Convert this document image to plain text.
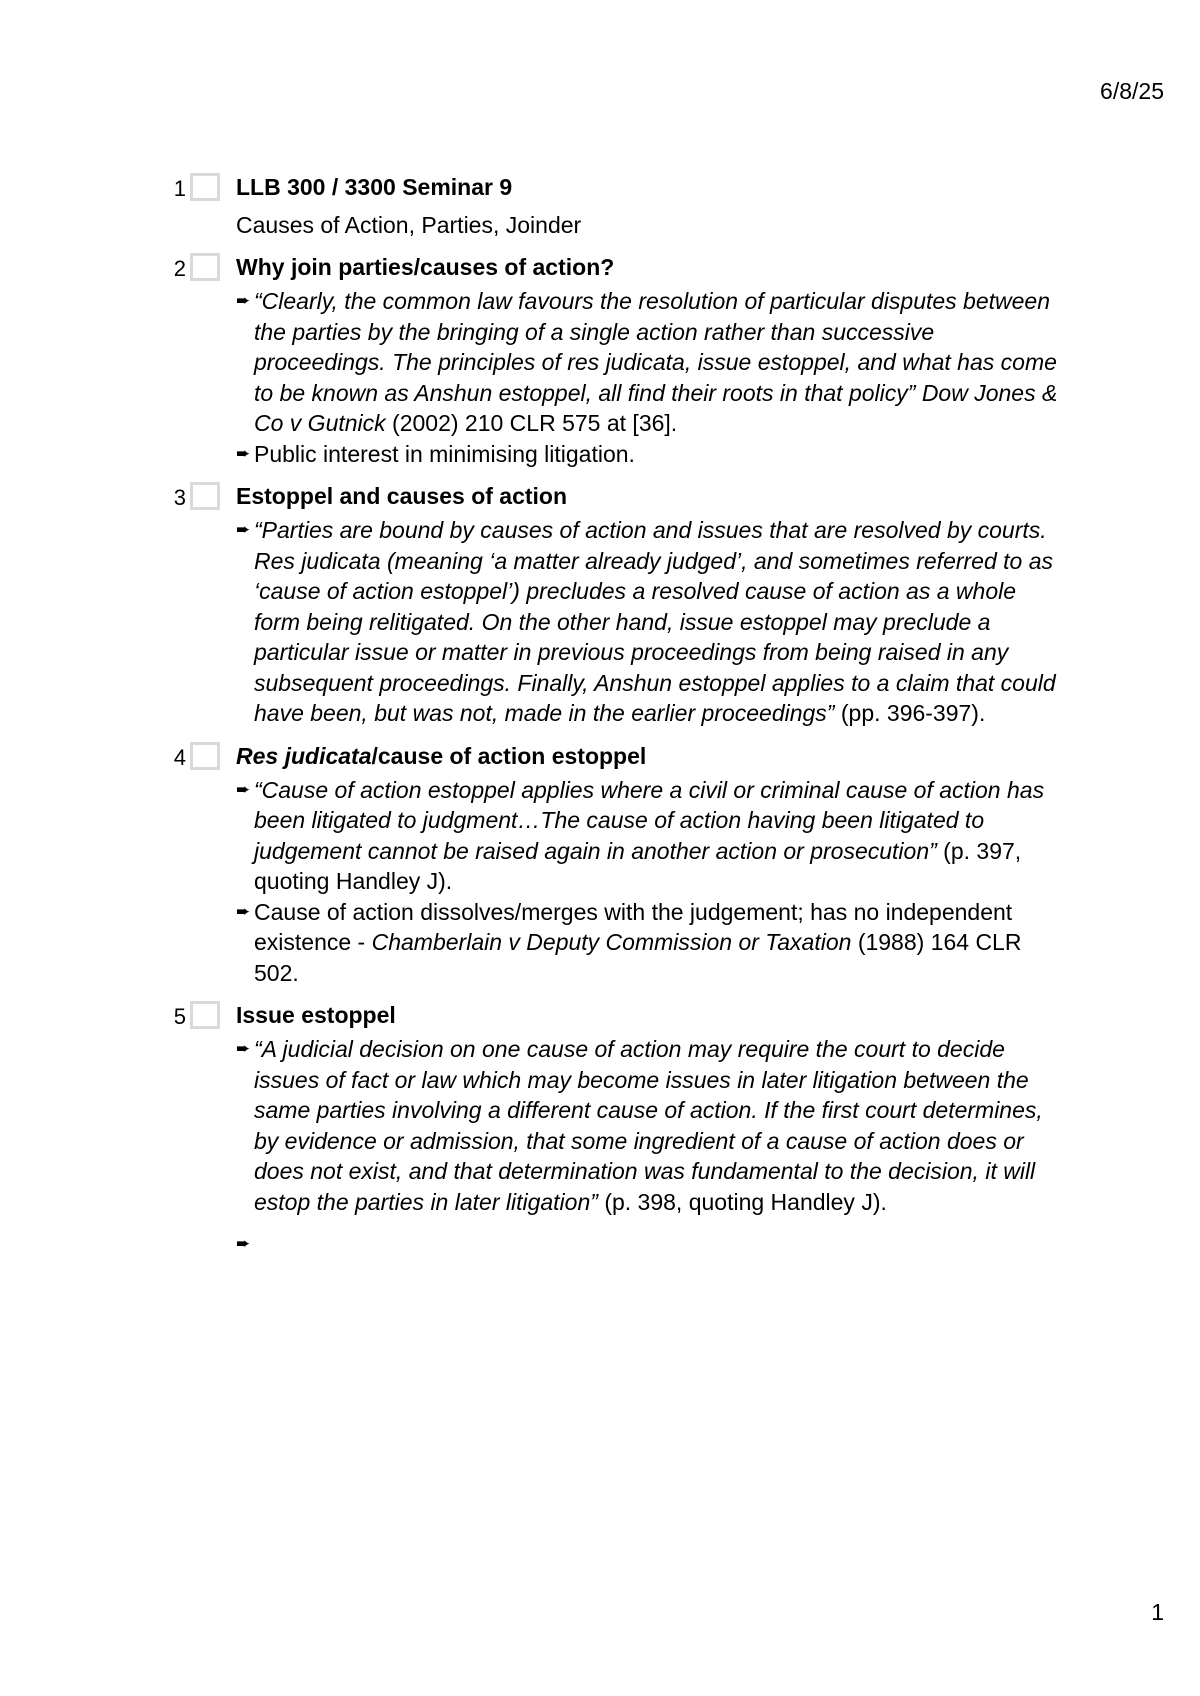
6/8/25
1 LLB 300 / 3300 Seminar 9
Causes of Action, Parties, Joinder
2 Why join parties/causes of action?
➨ “Clearly, the common law favours the resolution of particular disputes between the parties by the bringing of a single action rather than successive proceedings. The principles of res judicata, issue estoppel, and what has come to be known as Anshun estoppel, all find their roots in that policy” Dow Jones & Co v Gutnick (2002) 210 CLR 575 at [36].
➨ Public interest in minimising litigation.
3 Estoppel and causes of action
➨ “Parties are bound by causes of action and issues that are resolved by courts. Res judicata (meaning ‘a matter already judged’, and sometimes referred to as ‘cause of action estoppel’) precludes a resolved cause of action as a whole form being relitigated. On the other hand, issue estoppel may preclude a particular issue or matter in previous proceedings from being raised in any subsequent proceedings. Finally, Anshun estoppel applies to a claim that could have been, but was not, made in the earlier proceedings” (pp. 396-397).
4 Res judicata/cause of action estoppel
➨ “Cause of action estoppel applies where a civil or criminal cause of action has been litigated to judgment…The cause of action having been litigated to judgement cannot be raised again in another action or prosecution” (p. 397, quoting Handley J).
➨ Cause of action dissolves/merges with the judgement; has no independent existence - Chamberlain v Deputy Commission or Taxation (1988) 164 CLR 502.
5 Issue estoppel
➨ “A judicial decision on one cause of action may require the court to decide issues of fact or law which may become issues in later litigation between the same parties involving a different cause of action. If the first court determines, by evidence or admission, that some ingredient of a cause of action does or does not exist, and that determination was fundamental to the decision, it will estop the parties in later litigation” (p. 398, quoting Handley J).
➨

1
